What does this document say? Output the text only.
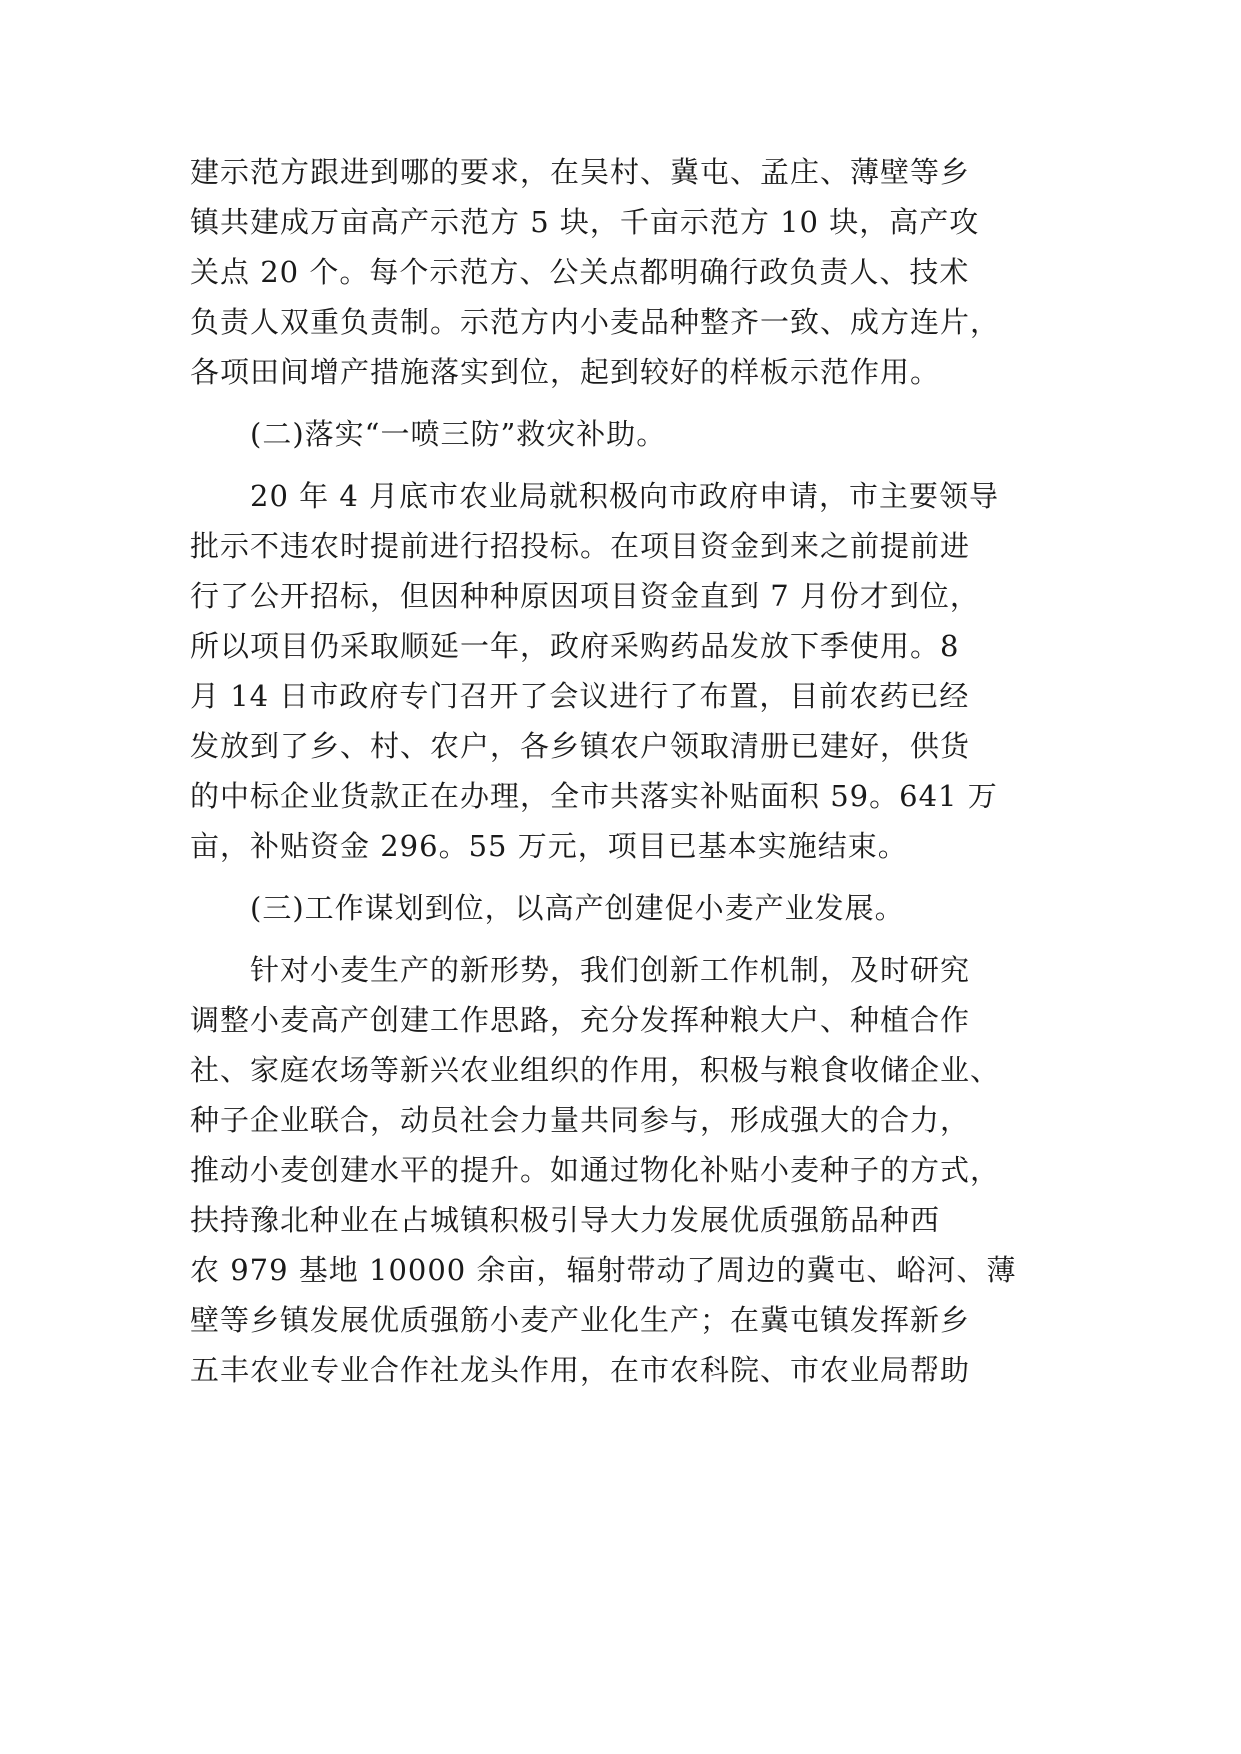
建示范方跟进到哪的要求，在吴村、冀屯、孟庄、薄壁等乡
镇共建成万亩高产示范方 5 块，千亩示范方 10 块，高产攻
关点 20 个。每个示范方、公关点都明确行政负责人、技术
负责人双重负责制。示范方内小麦品种整齐一致、成方连片，
各项田间增产措施落实到位，起到较好的样板示范作用。
(二)落实“一喷三防”救灾补助。
20 年 4 月底市农业局就积极向市政府申请，市主要领导
批示不违农时提前进行招投标。在项目资金到来之前提前进
行了公开招标，但因种种原因项目资金直到 7 月份才到位，
所以项目仍采取顺延一年，政府采购药品发放下季使用。8
月 14 日市政府专门召开了会议进行了布置，目前农药已经
发放到了乡、村、农户，各乡镇农户领取清册已建好，供货
的中标企业货款正在办理，全市共落实补贴面积 59。641 万
亩，补贴资金 296。55 万元，项目已基本实施结束。
(三)工作谋划到位，以高产创建促小麦产业发展。
针对小麦生产的新形势，我们创新工作机制，及时研究
调整小麦高产创建工作思路，充分发挥种粮大户、种植合作
社、家庭农场等新兴农业组织的作用，积极与粮食收储企业、
种子企业联合，动员社会力量共同参与，形成强大的合力，
推动小麦创建水平的提升。如通过物化补贴小麦种子的方式，
扶持豫北种业在占城镇积极引导大力发展优质强筋品种西
农 979 基地 10000 余亩，辐射带动了周边的冀屯、峪河、薄
壁等乡镇发展优质强筋小麦产业化生产；在冀屯镇发挥新乡
五丰农业专业合作社龙头作用，在市农科院、市农业局帮助
